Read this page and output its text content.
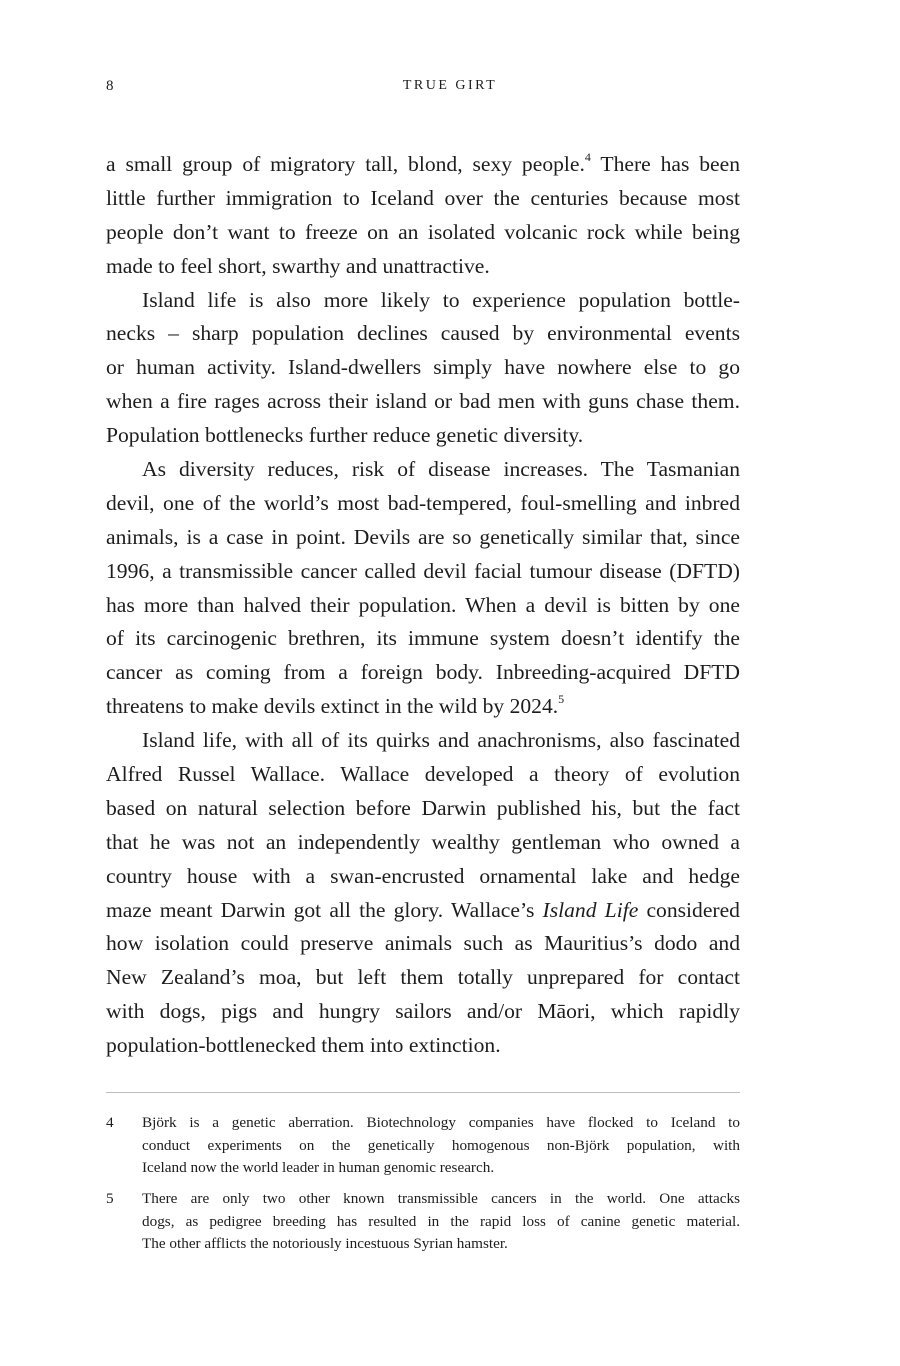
8	TRUE GIRT
a small group of migratory tall, blond, sexy people.$^4$ There has been
little further immigration to Iceland over the centuries because most
people don’t want to freeze on an isolated volcanic rock while being
made to feel short, swarthy and unattractive.
Island life is also more likely to experience population bottle-
necks – sharp population declines caused by environmental events
or human activity. Island-dwellers simply have nowhere else to go
when a fire rages across their island or bad men with guns chase them.
Population bottlenecks further reduce genetic diversity.
As diversity reduces, risk of disease increases. The Tasmanian
devil, one of the world’s most bad-tempered, foul-smelling and inbred
animals, is a case in point. Devils are so genetically similar that, since
1996, a transmissible cancer called devil facial tumour disease (DFTD)
has more than halved their population. When a devil is bitten by one
of its carcinogenic brethren, its immune system doesn’t identify the
cancer as coming from a foreign body. Inbreeding-acquired DFTD
threatens to make devils extinct in the wild by 2024.$^5$
Island life, with all of its quirks and anachronisms, also fascinated
Alfred Russel Wallace. Wallace developed a theory of evolution
based on natural selection before Darwin published his, but the fact
that he was not an independently wealthy gentleman who owned a
country house with a swan-encrusted ornamental lake and hedge
maze meant Darwin got all the glory. Wallace’s Island Life considered
how isolation could preserve animals such as Mauritius’s dodo and
New Zealand’s moa, but left them totally unprepared for contact
with dogs, pigs and hungry sailors and/or Māori, which rapidly
population-bottlenecked them into extinction.
4 Björk is a genetic aberration. Biotechnology companies have flocked to Iceland to
conduct experiments on the genetically homogenous non-Björk population, with
Iceland now the world leader in human genomic research.
5 There are only two other known transmissible cancers in the world. One attacks
dogs, as pedigree breeding has resulted in the rapid loss of canine genetic material.
The other afflicts the notoriously incestuous Syrian hamster.
